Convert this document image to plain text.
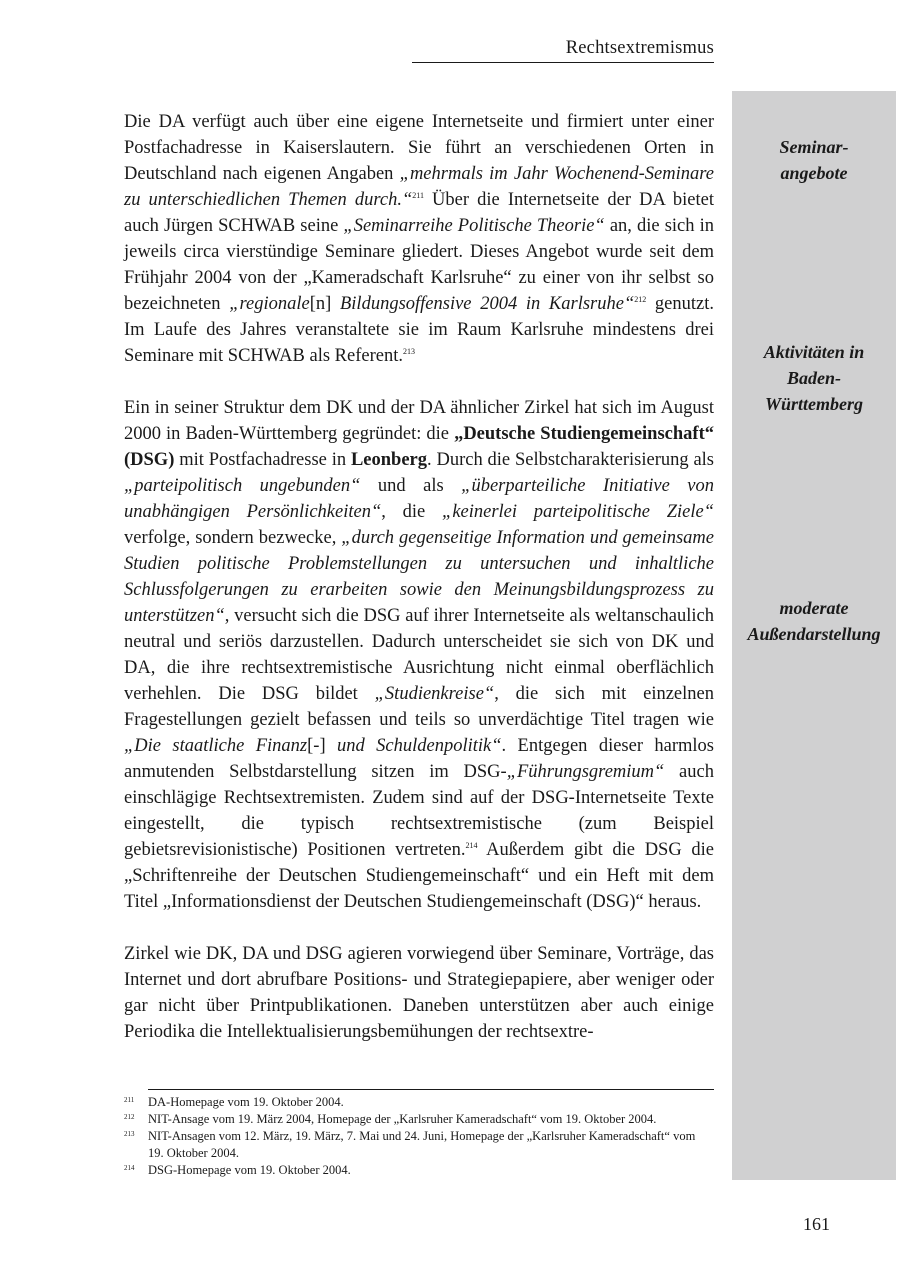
Rechtsextremismus
Seminar-
angebote
Aktivitäten in
Baden-
Württemberg
moderate
Außendarstellung

Die DA verfügt auch über eine eigene Internetseite und firmiert unter einer Postfachadresse in Kaiserslautern. Sie führt an verschiedenen Orten in Deutschland nach eigenen Angaben „mehrmals im Jahr Wochenend-Seminare zu unterschiedlichen Themen durch.“$^{211}$ Über die Internetseite der DA bietet auch Jürgen SCHWAB seine „Seminarreihe Politische Theorie“ an, die sich in jeweils circa vierstündige Seminare gliedert. Dieses Angebot wurde seit dem Frühjahr 2004 von der „Kameradschaft Karlsruhe“ zu einer von ihr selbst so bezeichneten „regionale[n] Bildungsoffensive 2004 in Karlsruhe“$^{212}$ genutzt. Im Laufe des Jahres veranstaltete sie im Raum Karlsruhe mindestens drei Seminare mit SCHWAB als Referent.$^{213}$

Ein in seiner Struktur dem DK und der DA ähnlicher Zirkel hat sich im August 2000 in Baden-Württemberg gegründet: die „Deutsche Studiengemeinschaft“ (DSG) mit Postfachadresse in Leonberg. Durch die Selbstcharakterisierung als „parteipolitisch ungebunden“ und als „überparteiliche Initiative von unabhängigen Persönlichkeiten“, die „keinerlei parteipolitische Ziele“ verfolge, sondern bezwecke, „durch gegenseitige Information und gemeinsame Studien politische Problemstellungen zu untersuchen und inhaltliche Schlussfolgerungen zu erarbeiten sowie den Meinungsbildungsprozess zu unterstützen“, versucht sich die DSG auf ihrer Internetseite als weltanschaulich neutral und seriös darzustellen. Dadurch unterscheidet sie sich von DK und DA, die ihre rechtsextremistische Ausrichtung nicht einmal oberflächlich verhehlen. Die DSG bildet „Studienkreise“, die sich mit einzelnen Fragestellungen gezielt befassen und teils so unverdächtige Titel tragen wie „Die staatliche Finanz[-] und Schuldenpolitik“. Entgegen dieser harmlos anmutenden Selbstdarstellung sitzen im DSG-„Führungsgremium“ auch einschlägige Rechtsextremisten. Zudem sind auf der DSG-Internetseite Texte eingestellt, die typisch rechtsextremistische (zum Beispiel gebietsrevisionistische) Positionen vertreten.$^{214}$ Außerdem gibt die DSG die „Schriftenreihe der Deutschen Studiengemeinschaft“ und ein Heft mit dem Titel „Informationsdienst der Deutschen Studiengemeinschaft (DSG)“ heraus.

Zirkel wie DK, DA und DSG agieren vorwiegend über Seminare, Vorträge, das Internet und dort abrufbare Positions- und Strategiepapiere, aber weniger oder gar nicht über Printpublikationen. Daneben unterstützen aber auch einige Periodika die Intellektualisierungsbemühungen der rechtsextre-

211 DA-Homepage vom 19. Oktober 2004.
212 NIT-Ansage vom 19. März 2004, Homepage der „Karlsruher Kameradschaft“ vom 19. Oktober 2004.
213 NIT-Ansagen vom 12. März, 19. März, 7. Mai und 24. Juni, Homepage der „Karlsruher Kameradschaft“ vom 19. Oktober 2004.
214 DSG-Homepage vom 19. Oktober 2004.
161
